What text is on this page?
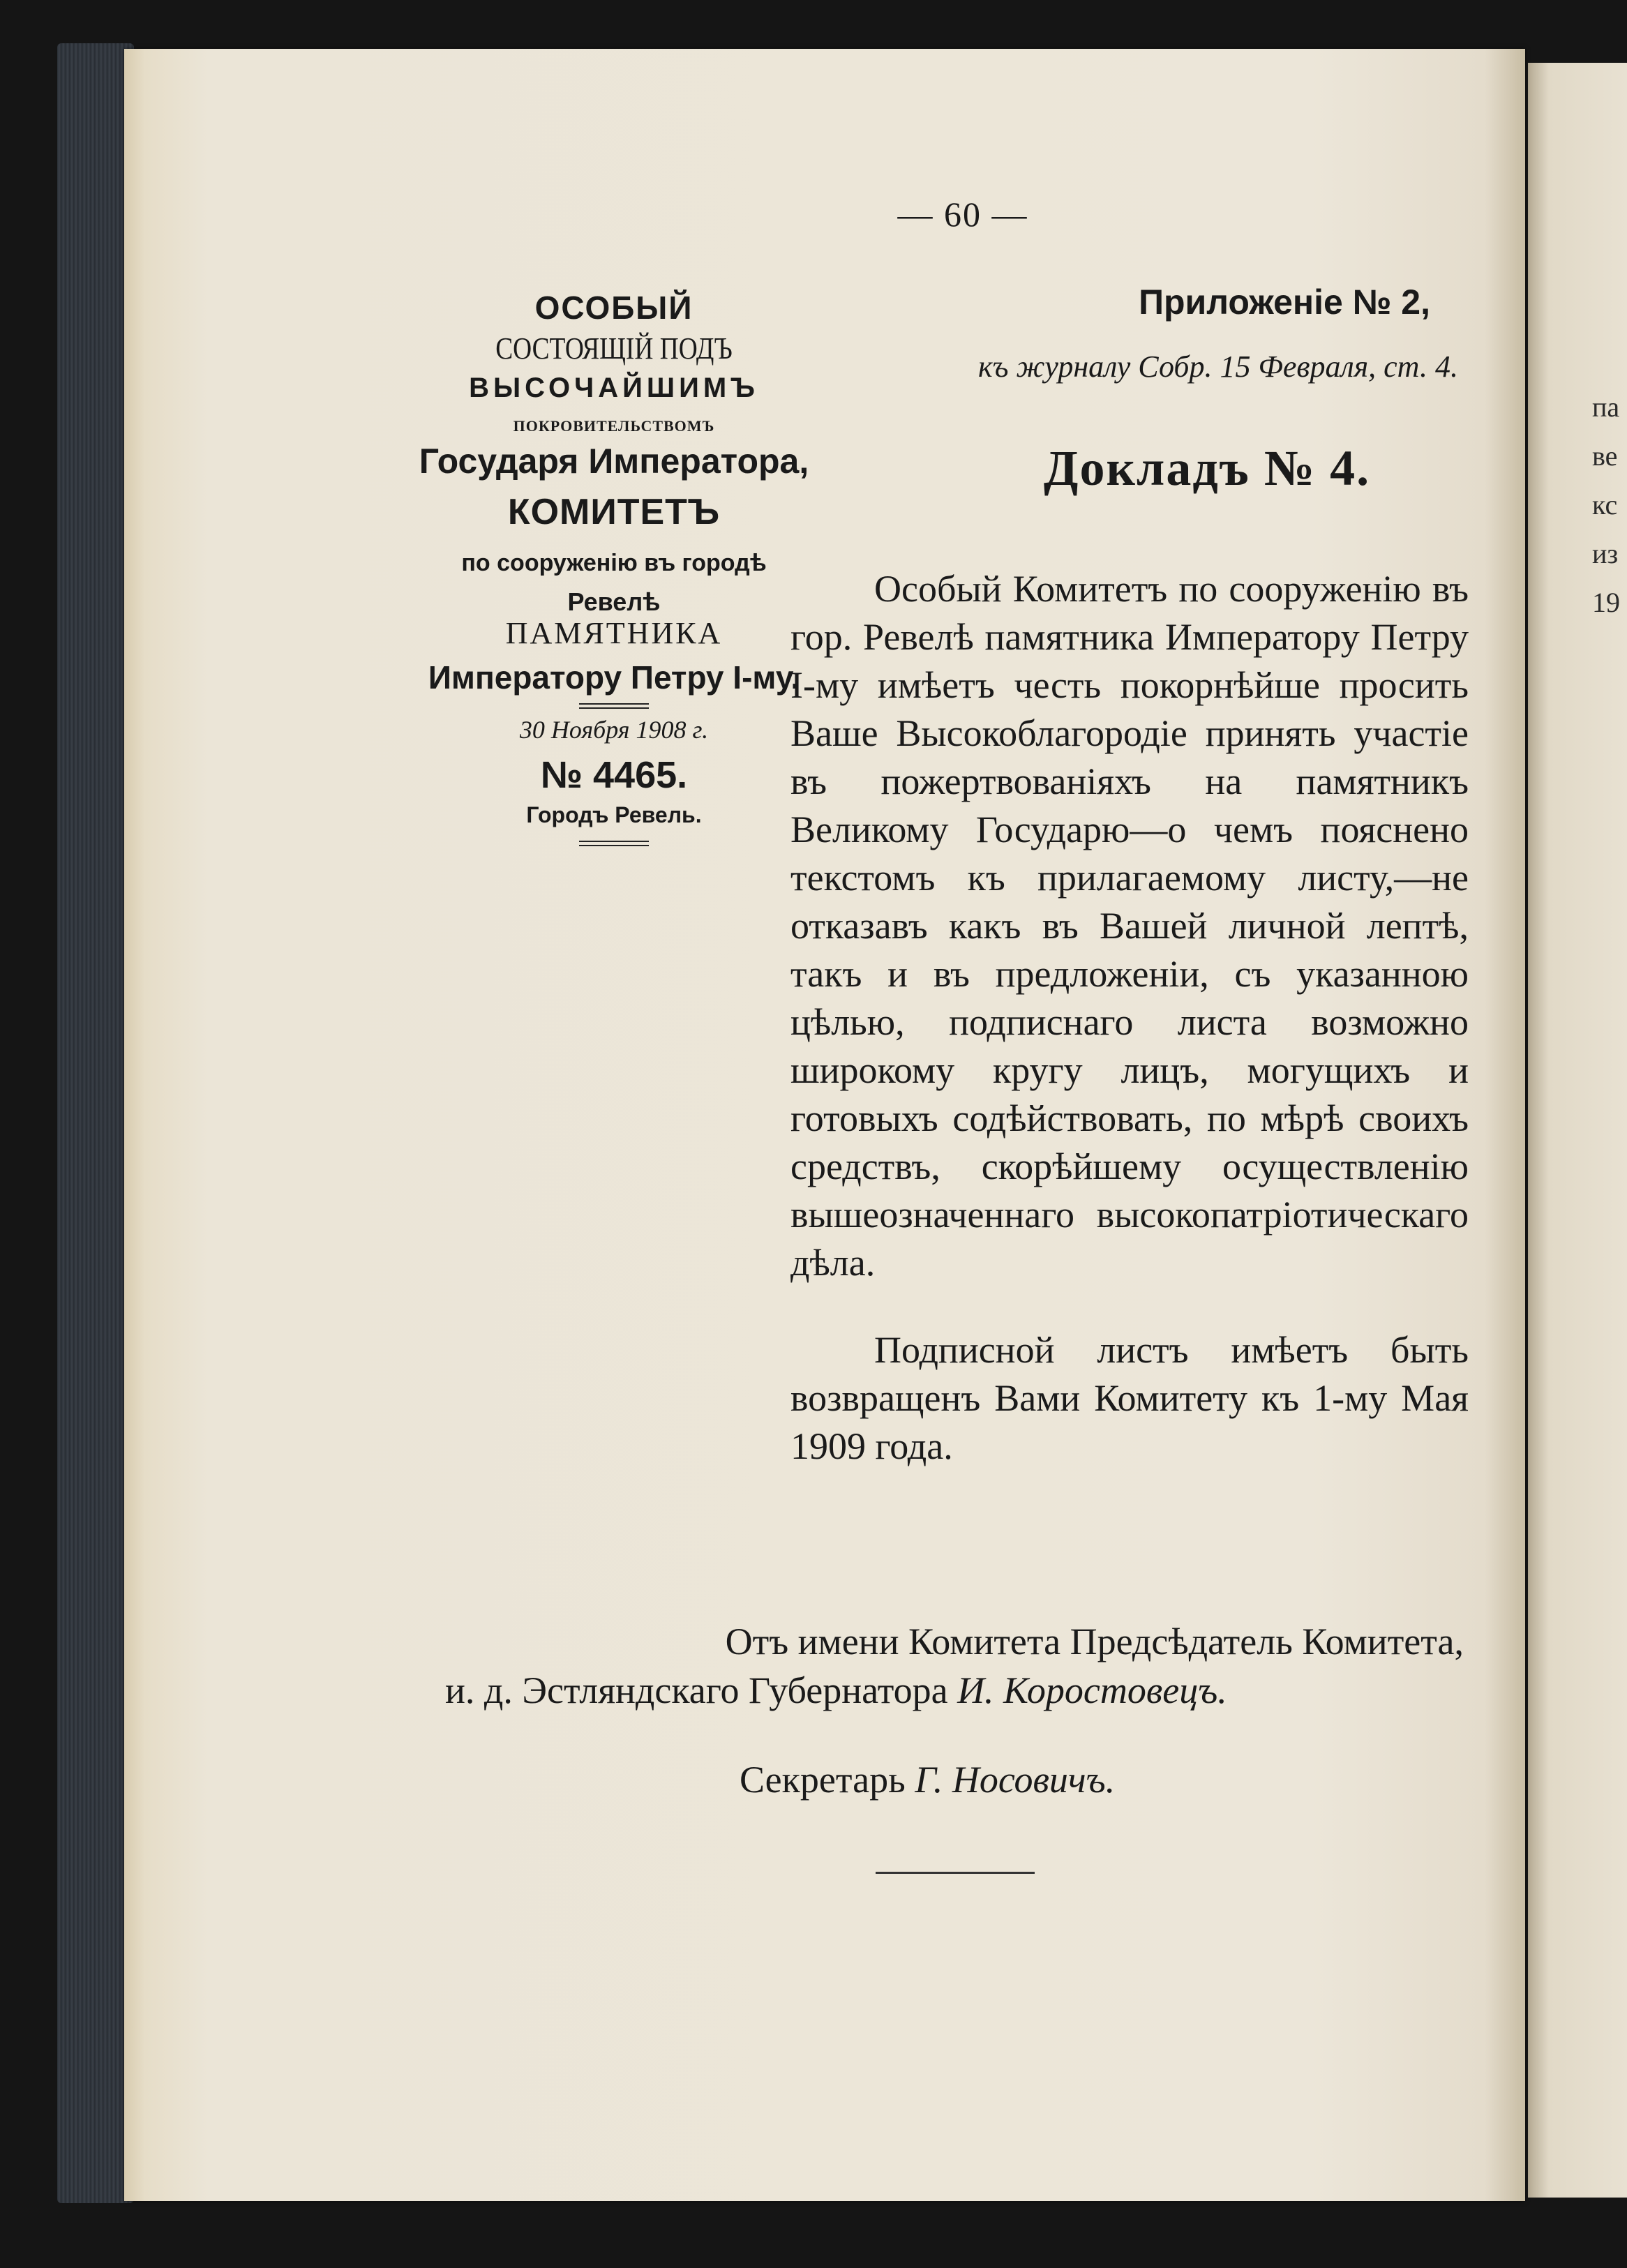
па
ве
кс
из
19
— 60 —
ОСОБЫЙ
СОСТОЯЩІЙ ПОДЪ
ВЫСОЧАЙШИМЪ
ПОКРОВИТЕЛЬСТВОМЪ
Государя Императора,
КОМИТЕТЪ
по сооруженію въ городѣ
Ревелѣ
ПАМЯТНИКА
Императору Петру І-му.
30 Ноября 1908 г.
№ 4465.
Городъ Ревель.
Приложеніе № 2,
къ журналу Собр. 15 Февраля, ст. 4.
Докладъ № 4.

Особый Комитетъ по сооруженію въ гор. Ревелѣ памятника Императору Петру І-му имѣетъ честь покорнѣйше просить Ваше Высокоблагородіе принять участіе въ пожертвованіяхъ на памятникъ Великому Государю—о чемъ пояснено текстомъ къ прилагаемому листу,—не отказавъ какъ въ Вашей личной лептѣ, такъ и въ предложеніи, съ указанною цѣлью, подписнаго листа возможно широкому кругу лицъ, могущихъ и готовыхъ содѣйствовать, по мѣрѣ своихъ средствъ, скорѣйшему осуществленію вышеозначеннаго высокопатріотическаго дѣла.

Подписной листъ имѣетъ быть возвращенъ Вами Комитету къ 1-му Мая 1909 года.

Отъ имени Комитета Предсѣдатель Комитета,
и. д. Эстляндскаго Губернатора И. Коростовецъ.
Секретарь Г. Носовичъ.
